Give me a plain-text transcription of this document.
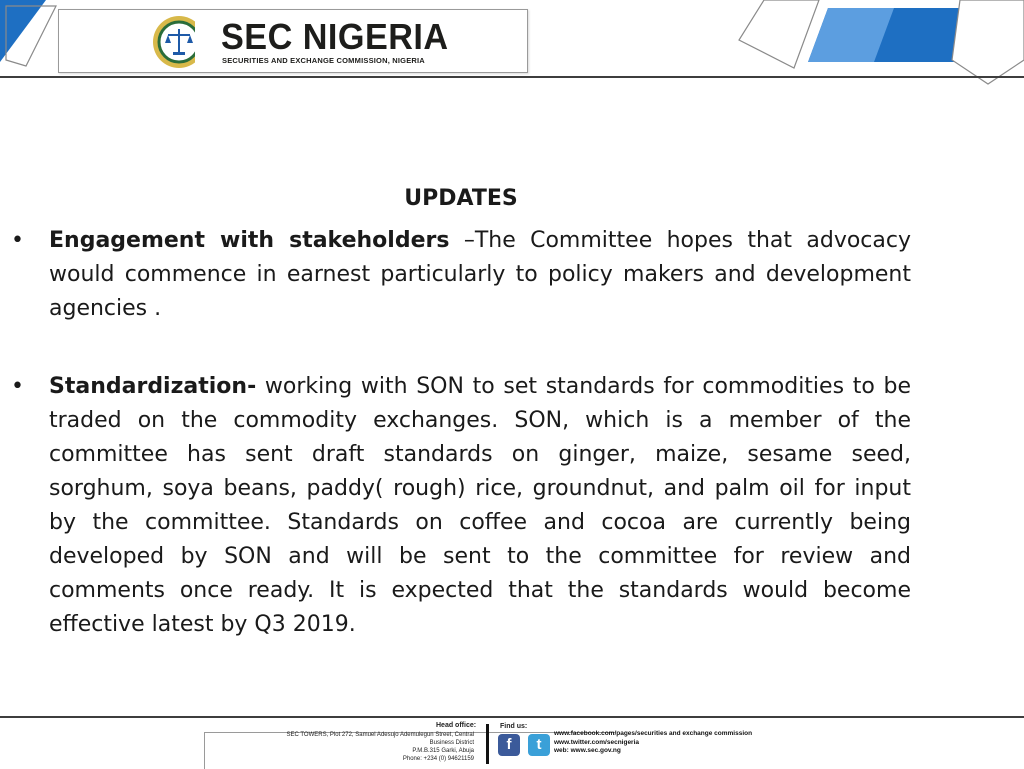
SEC NIGERIA
SECURITIES AND EXCHANGE COMMISSION, NIGERIA
UPDATES
• Engagement with stakeholders –The Committee hopes that advocacy would commence in earnest particularly to policy makers and development agencies .
• Standardization- working with SON to set standards for commodities to be traded on the commodity exchanges. SON, which is a member of the committee has sent draft standards on ginger, maize, sesame seed, sorghum, soya beans, paddy( rough) rice, groundnut, and palm oil for input by the committee. Standards on coffee and cocoa are currently being developed by SON and will be sent to the committee for review and comments once ready. It is expected that the standards would become effective latest by Q3 2019.
Head office:
SEC TOWERS, Plot 272, Samuel Adesujo Ademulegun Street, Central
Business District
P.M.B.315 Garki, Abuja
Phone: +234 (0) 94621159
Find us:
f	t
www.facebook.com/pages/securities and exchange commission
www.twitter.com/secnigeria
web: www.sec.gov.ng
